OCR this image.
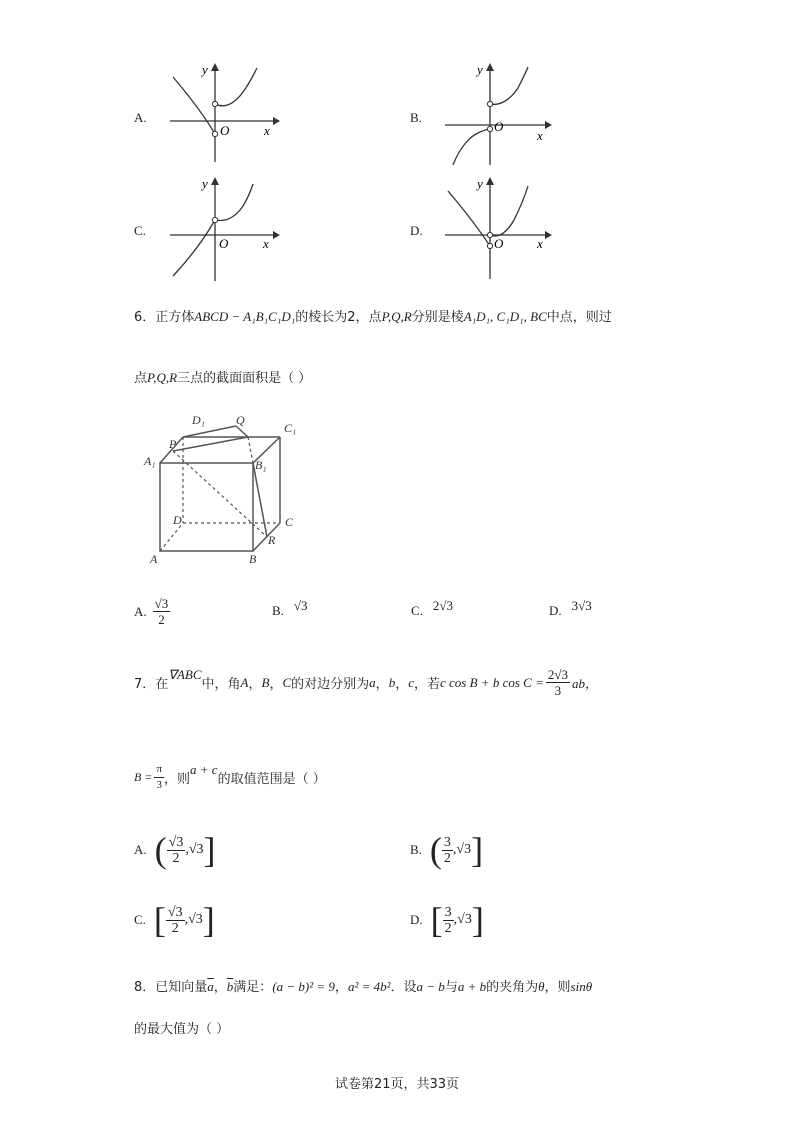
A.
y
x
O
B.
y
x
O
C.
y
x
O
D.
y
x
O
6．正方体ABCD − A₁B₁C₁D₁的棱长为2，点P,Q,R分别是棱A₁D₁, C₁D₁, BC中点，则过
点P,Q,R三点的截面面积是（ ）
D₁	Q
C₁
P
A₁	B₁
D	C
R
A	B
A. $\frac{√3}{2}$	B. √3	C. 2√3	D. 3√3
7．在
∇ABC
中，角 A ， B ， C 的对边分别为 a ， b ， c ，若 c cos B + b $\cos C = \frac{2√3}{3}$ ab，
$B = \frac{\pi}{3}$ ，则
a + c
的取值范围是（ ）
A. ( $\frac{√3}{2} ,√3$ ]	B. ( $\frac{3}{2} ,√3$ ]
C. [ $\frac{√3}{2} ,√3$ ]	D. [ $\frac{3}{2} ,√3$ ]
8．已知向量$\overline{a}$，$\overline{b}$满足：(a − b)² = 9，a² = 4b²．设a − b与a + b的夹角为θ，则sinθ
的最大值为（ ）
试卷第21页，共33页
